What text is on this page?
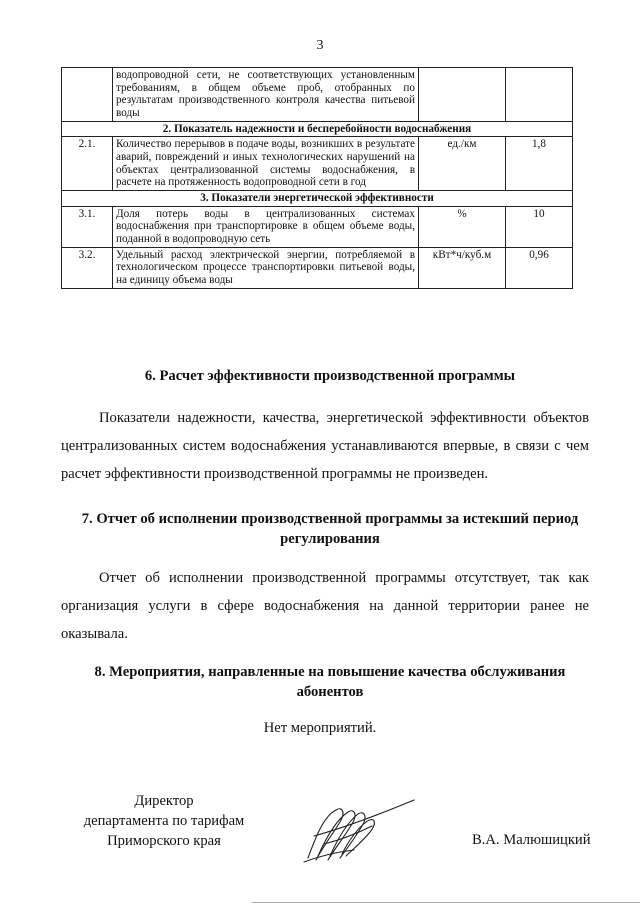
3
	водопроводной сети, не соответствующих установленным требованиям, в общем объеме проб, отобранных по результатам производственного контроля качества питьевой воды		
2. Показатель надежности и бесперебойности водоснабжения			
2.1.	Количество перерывов в подаче воды, возникших в результате аварий, повреждений и иных технологических нарушений на объектах централизованной системы водоснабжения, в расчете на протяженность водопроводной сети в год	ед./км	1,8
3. Показатели энергетической эффективности			
3.1.	Доля потерь воды в централизованных системах водоснабжения при транспортировке в общем объеме воды, поданной в водопроводную сеть	%	10
3.2.	Удельный расход электрической энергии, потребляемой в технологическом процессе транспортировки питьевой воды, на единицу объема воды	кВт*ч/куб.м	0,96
6. Расчет эффективности производственной программы
Показатели надежности, качества, энергетической эффективности объектов централизованных систем водоснабжения устанавливаются впервые, в связи с чем расчет эффективности производственной программы не произведен.
7. Отчет об исполнении производственной программы за истекший период
регулирования
Отчет об исполнении производственной программы отсутствует, так как организация услуги в сфере водоснабжения на данной территории ранее не оказывала.
8. Мероприятия, направленные на повышение качества обслуживания
абонентов
Нет мероприятий.
Директор
департамента по тарифам
Приморского края	В.А. Малюшицкий
